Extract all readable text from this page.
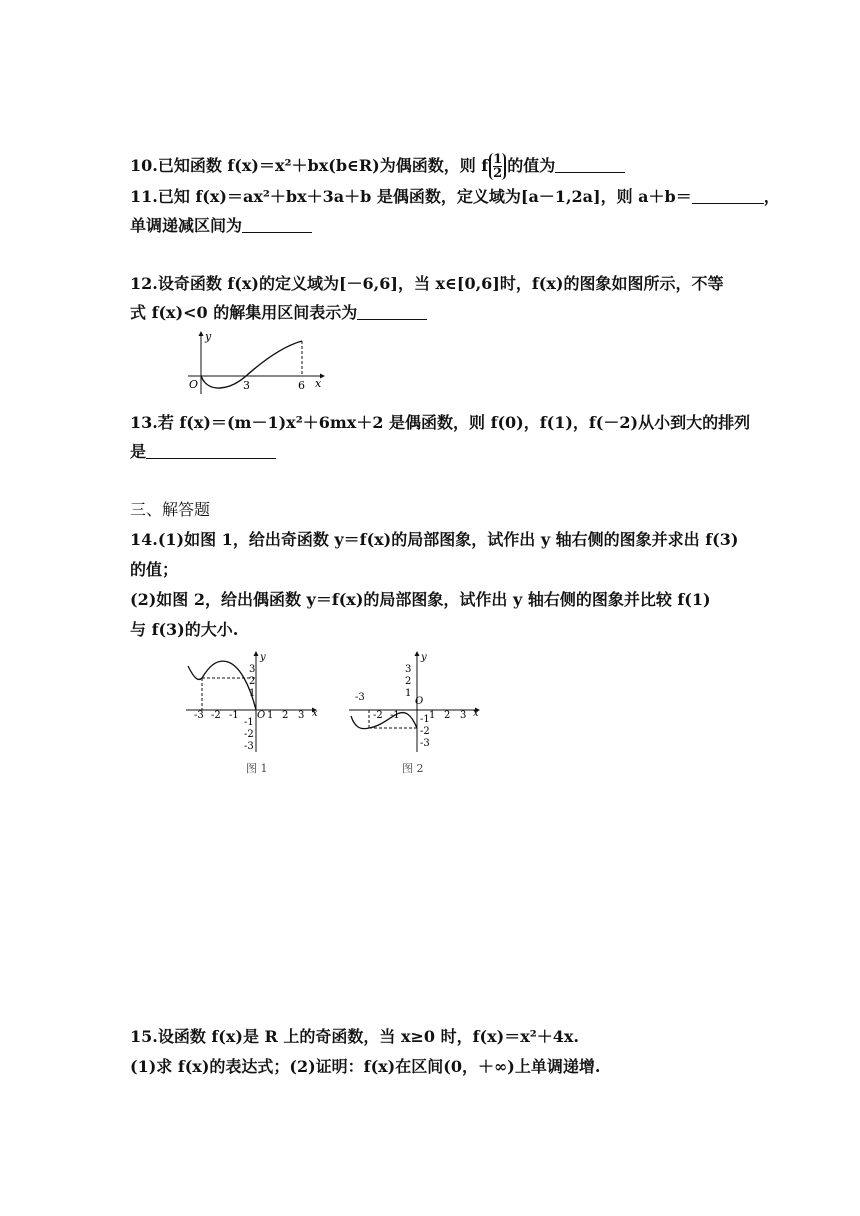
10.已知函数 f(x)＝x²＋bx(b∈R)为偶函数，则 f $\frac{1}{2}$ 的值为
11.已知 f(x)＝ax²＋bx＋3a＋b 是偶函数，定义域为[a－1,2a]，则 a＋b＝	，
单调递减区间为
12.设奇函数 f(x)的定义域为[－6,6]，当 x∈[0,6]时，f(x)的图象如图所示，不等
式 f(x)<0 的解集用区间表示为
y
x
O	3	6
13.若 f(x)＝(m－1)x²＋6mx＋2 是偶函数，则 f(0)，f(1)，f(－2)从小到大的排列
是
三、解答题
14.(1)如图 1，给出奇函数 y＝f(x)的局部图象，试作出 y 轴右侧的图象并求出 f(3)
的值；
(2)如图 2，给出偶函数 y＝f(x)的局部图象，试作出 y 轴右侧的图象并比较 f(1)
与 f(3)的大小.
y
x
O
-3 -2 -1	1 2 3
3
2
1
-1
-2
-3
图 1
y
x
O
-3
-2 -1	1 2 3
3
2
1
-1
-2
-3
图 2
15.设函数 f(x)是 R 上的奇函数，当 x≥0 时，f(x)＝x²＋4x.
(1)求 f(x)的表达式；(2)证明：f(x)在区间(0，＋∞)上单调递增.
